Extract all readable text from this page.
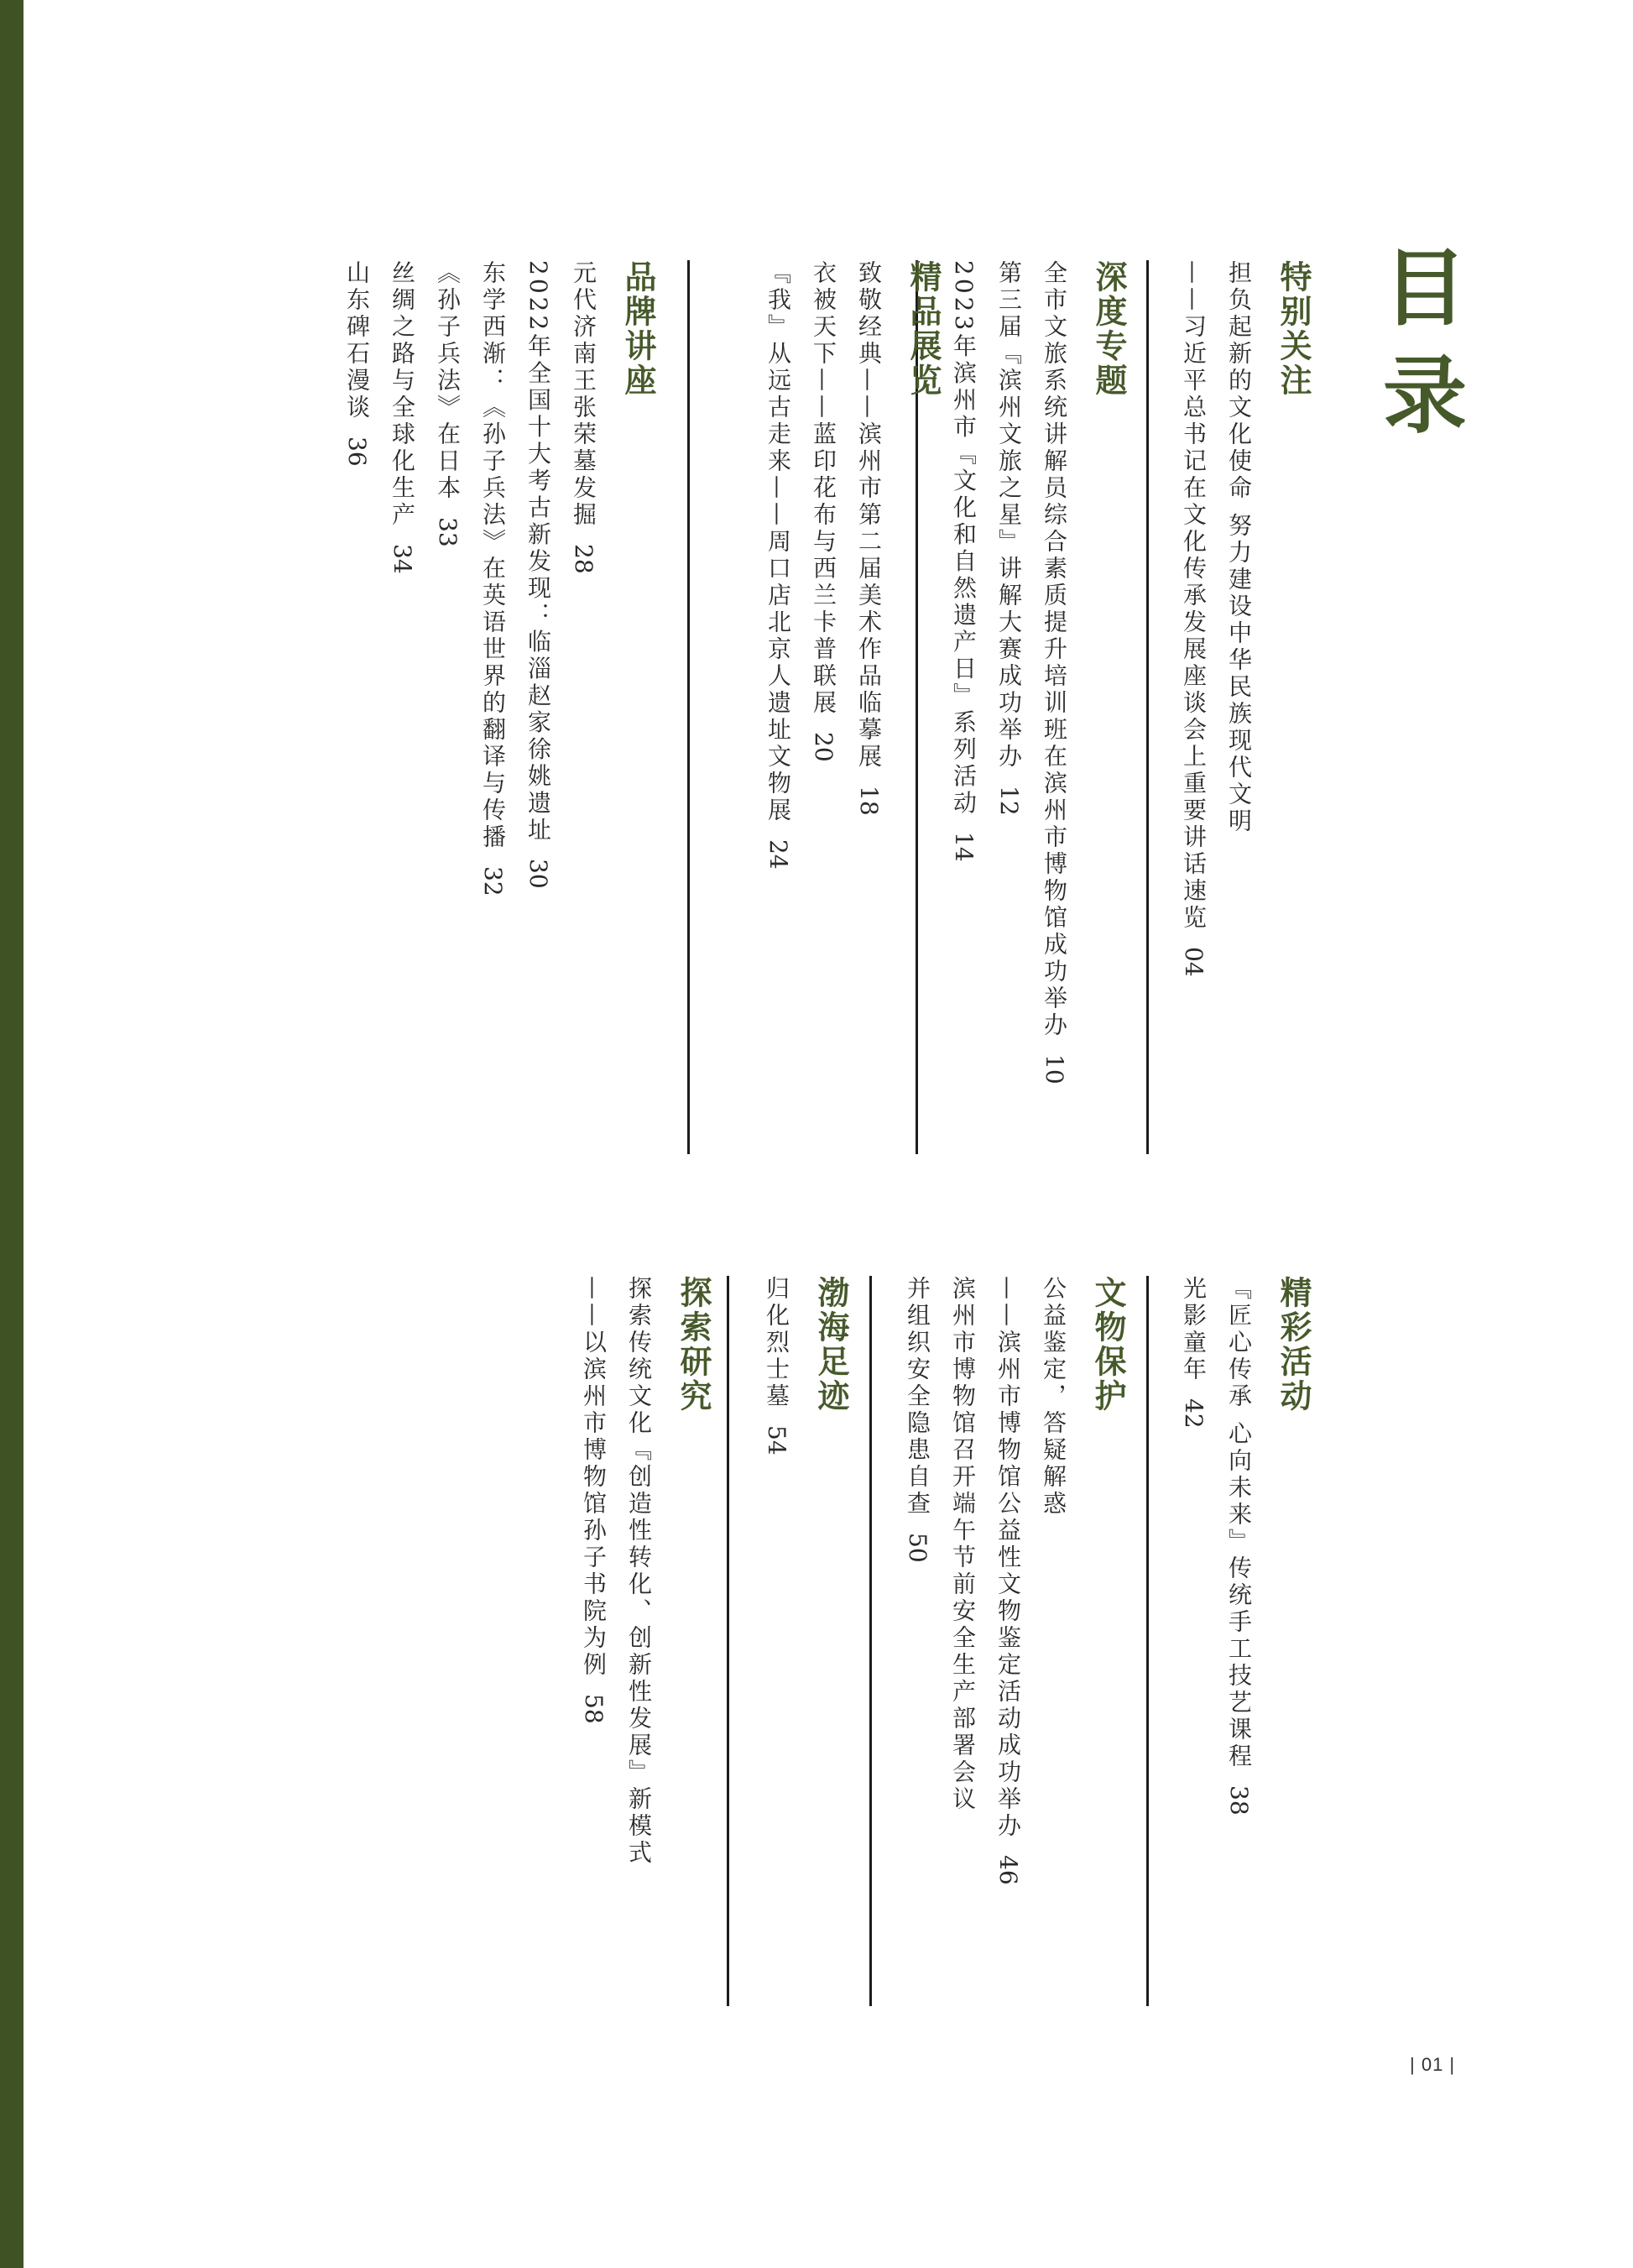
目录
特别关注
担负起新的文化使命 努力建设中华民族现代文明
——习近平总书记在文化传承发展座谈会上重要讲话速览04
深度专题
全市文旅系统讲解员综合素质提升培训班在滨州市博物馆成功举办10
第三届『滨州文旅之星』讲解大赛成功举办12
2023年滨州市『文化和自然遗产日』系列活动14
精品展览
致敬经典——滨州市第二届美术作品临摹展18
衣被天下——蓝印花布与西兰卡普联展20
『我』从远古走来——周口店北京人遗址文物展24
品牌讲座
元代济南王张荣墓发掘28
2022年全国十大考古新发现：临淄赵家徐姚遗址30
东学西渐：《孙子兵法》在英语世界的翻译与传播32
《孙子兵法》在日本33
丝绸之路与全球化生产34
山东碑石漫谈36
精彩活动
『匠心传承 心向未来』传统手工技艺课程38
光影童年42
文物保护
公益鉴定，答疑解惑
——滨州市博物馆公益性文物鉴定活动成功举办46
滨州市博物馆召开端午节前安全生产部署会议
并组织安全隐患自查50
渤海足迹
归化烈士墓54
探索研究
探索传统文化『创造性转化、创新性发展』新模式
——以滨州市博物馆孙子书院为例58
| 01 |
